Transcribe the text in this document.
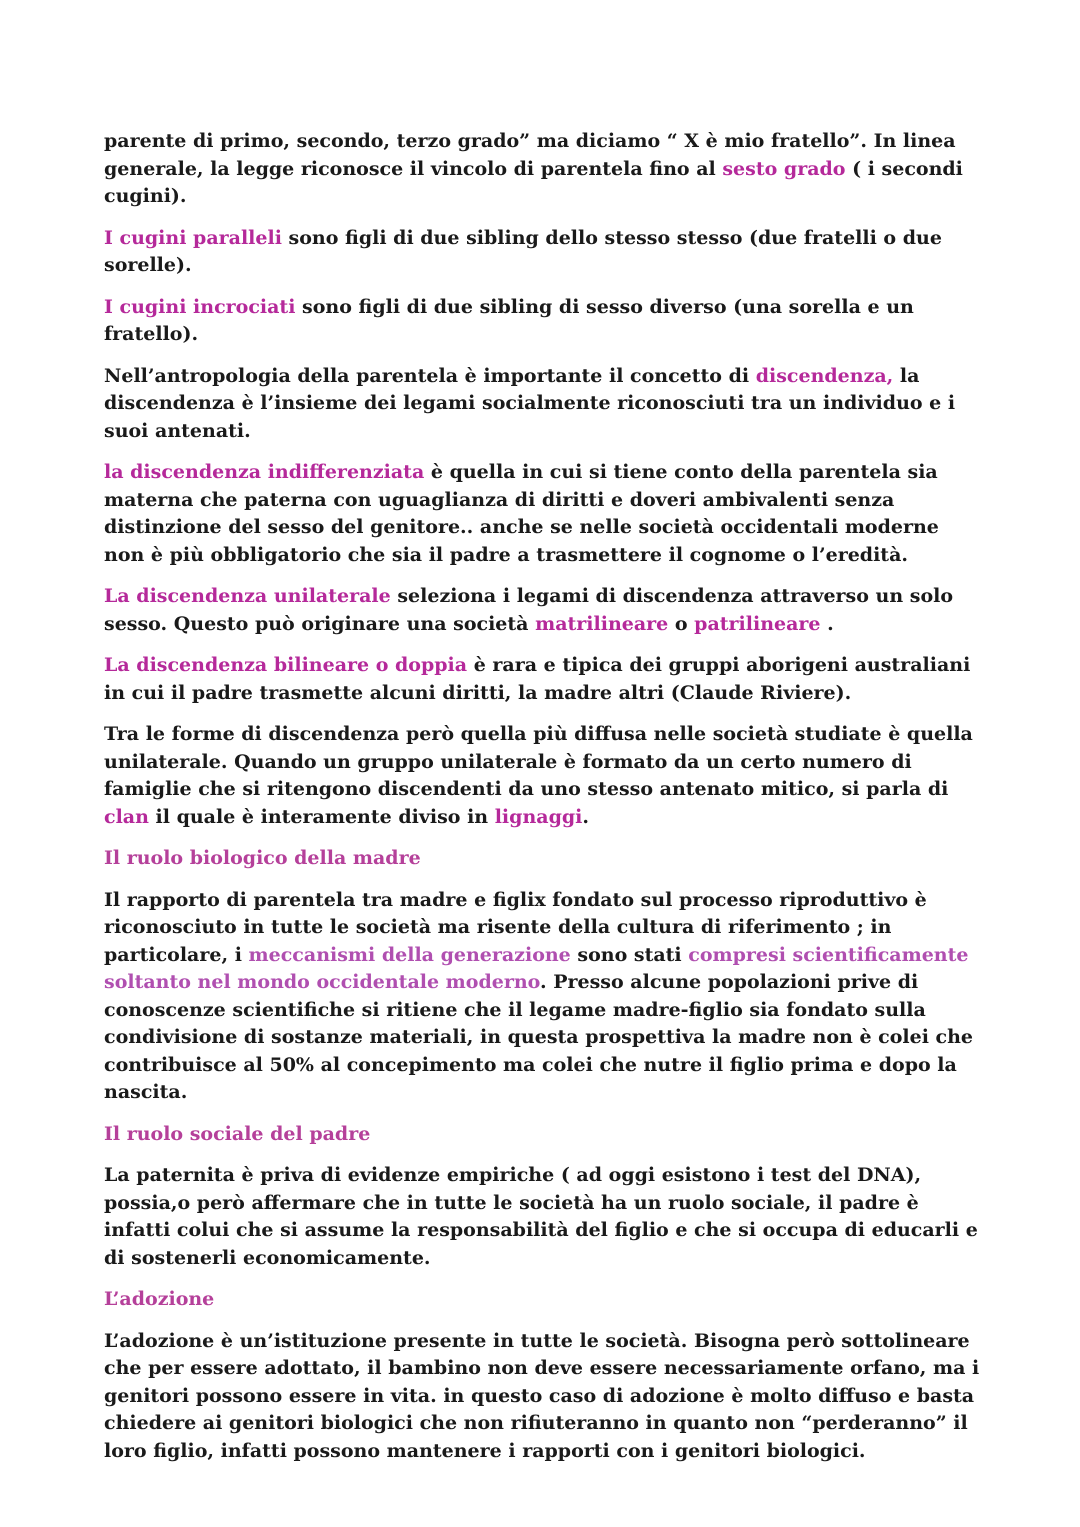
parente di primo, secondo, terzo grado” ma diciamo “ X è mio fratello”. In linea generale, la legge riconosce il vincolo di parentela fino al sesto grado ( i secondi cugini).

I cugini paralleli sono figli di due sibling dello stesso stesso (due fratelli o due sorelle).

I cugini incrociati sono figli di due sibling di sesso diverso (una sorella e un fratello).

Nell’antropologia della parentela è importante il concetto di discendenza, la discendenza è l’insieme dei legami socialmente riconosciuti tra un individuo e i suoi antenati.

la discendenza indifferenziata è quella in cui si tiene conto della parentela sia materna che paterna con uguaglianza di diritti e doveri ambivalenti senza distinzione del sesso del genitore.. anche se nelle società occidentali moderne non è più obbligatorio che sia il padre a trasmettere il cognome o l’eredità.

La discendenza unilaterale seleziona i legami di discendenza attraverso un solo sesso. Questo può originare una società matrilineare o patrilineare .

La discendenza bilineare o doppia è rara e tipica dei gruppi aborigeni australiani in cui il padre trasmette alcuni diritti, la madre altri (Claude Riviere).

Tra le forme di discendenza però quella più diffusa nelle società studiate è quella unilaterale. Quando un gruppo unilaterale è formato da un certo numero di famiglie che si ritengono discendenti da uno stesso antenato mitico, si parla di clan il quale è interamente diviso in lignaggi.

Il ruolo biologico della madre

Il rapporto di parentela tra madre e figlix fondato sul processo riproduttivo è riconosciuto in tutte le società ma risente della cultura di riferimento ; in particolare, i meccanismi della generazione sono stati compresi scientificamente soltanto nel mondo occidentale moderno. Presso alcune popolazioni prive di conoscenze scientifiche si ritiene che il legame madre-figlio sia fondato sulla condivisione di sostanze materiali, in questa prospettiva la madre non è colei che contribuisce al 50% al concepimento ma colei che nutre il figlio prima e dopo la nascita.

Il ruolo sociale del padre

La paternita è priva di evidenze empiriche ( ad oggi esistono i test del DNA), possia,o però affermare che in tutte le società ha un ruolo sociale, il padre è infatti colui che si assume la responsabilità del figlio e che si occupa di educarli e di sostenerli economicamente.

L’adozione

L’adozione è un’istituzione presente in tutte le società. Bisogna però sottolineare che per essere adottato, il bambino non deve essere necessariamente orfano, ma i genitori possono essere in vita. in questo caso di adozione è molto diffuso e basta chiedere ai genitori biologici che non rifiuteranno in quanto non “perderanno” il loro figlio, infatti possono mantenere i rapporti con i genitori biologici.
